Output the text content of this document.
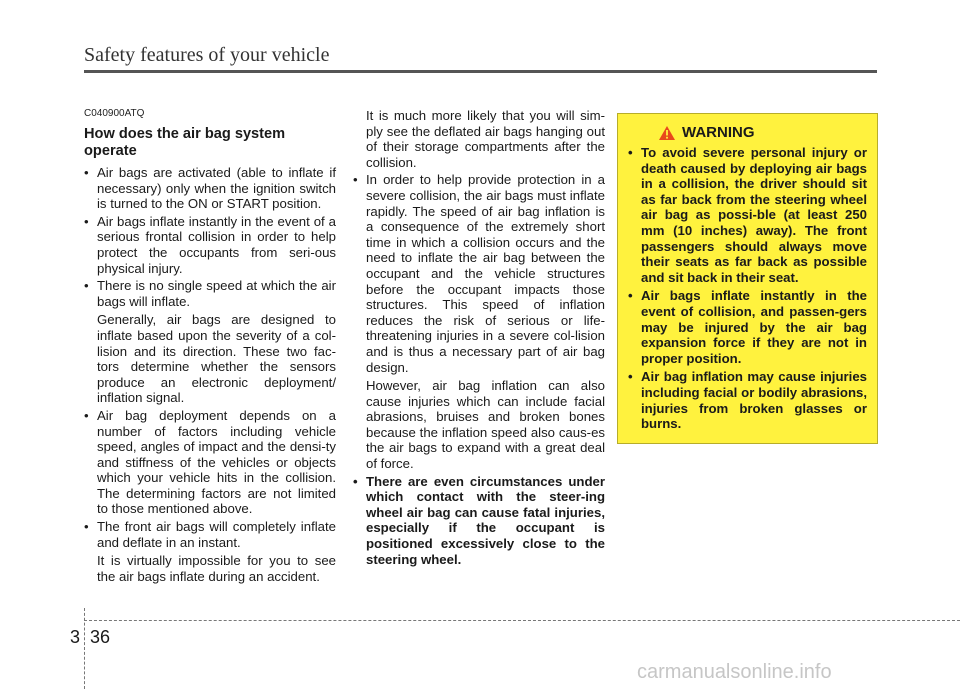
Safety features of your vehicle
C040900ATQ
How does the air bag system operate
• Air bags are activated (able to inflate if necessary) only when the ignition switch is turned to the ON or START position.
• Air bags inflate instantly in the event of a serious frontal collision in order to help protect the occupants from seri-ous physical injury.
• There is no single speed at which the air bags will inflate.

Generally, air bags are designed to inflate based upon the severity of a col-lision and its direction. These two fac-tors determine whether the sensors produce an electronic deployment/ inflation signal.

• Air bag deployment depends on a number of factors including vehicle speed, angles of impact and the densi-ty and stiffness of the vehicles or objects which your vehicle hits in the collision. The determining factors are not limited to those mentioned above.
• The front air bags will completely inflate and deflate in an instant.

It is virtually impossible for you to see the air bags inflate during an accident.

It is much more likely that you will sim-ply see the deflated air bags hanging out of their storage compartments after the collision.

• In order to help provide protection in a severe collision, the air bags must inflate rapidly. The speed of air bag inflation is a consequence of the extremely short time in which a collision occurs and the need to inflate the air bag between the occupant and the vehicle structures before the occupant impacts those structures. This speed of inflation reduces the risk of serious or life-threatening injuries in a severe col-lision and is thus a necessary part of air bag design.

However, air bag inflation can also cause injuries which can include facial abrasions, bruises and broken bones because the inflation speed also caus-es the air bags to expand with a great deal of force.

• There are even circumstances under which contact with the steer-ing wheel air bag can cause fatal injuries, especially if the occupant is positioned excessively close to the steering wheel.
WARNING
• To avoid severe personal injury or death caused by deploying air bags in a collision, the driver should sit as far back from the steering wheel air bag as possi-ble (at least 250 mm (10 inches) away). The front passengers should always move their seats as far back as possible and sit back in their seat.
• Air bags inflate instantly in the event of collision, and passen-gers may be injured by the air bag expansion force if they are not in proper position.
• Air bag inflation may cause injuries including facial or bodily abrasions, injuries from broken glasses or burns.
3 36
carmanualsonline.info
